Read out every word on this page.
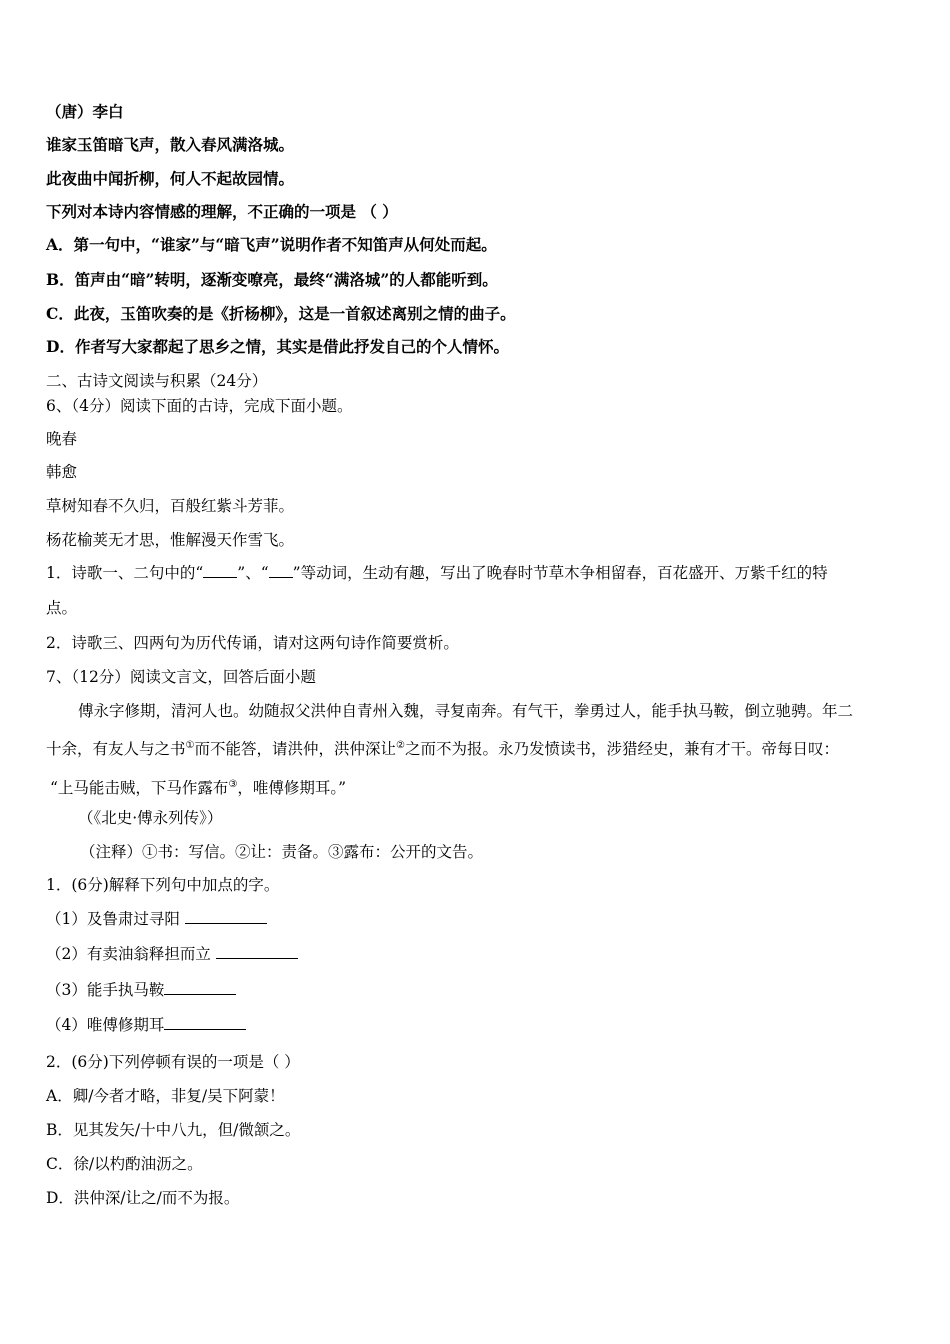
（唐）李白
谁家玉笛暗飞声，散入春风满洛城。
此夜曲中闻折柳，何人不起故园情。
下列对本诗内容情感的理解，不正确的一项是 （ ）
A．第一句中，“谁家”与“暗飞声”说明作者不知笛声从何处而起。
B．笛声由“暗”转明，逐渐变嘹亮，最终“满洛城”的人都能听到。
C．此夜，玉笛吹奏的是《折杨柳》，这是一首叙述离别之情的曲子。
D．作者写大家都起了思乡之情，其实是借此抒发自己的个人情怀。
二、古诗文阅读与积累（24分）
6、（4分）阅读下面的古诗，完成下面小题。
晚春
韩愈
草树知春不久归，百般红紫斗芳菲。
杨花榆荚无才思，惟解漫天作雪飞。
1．诗歌一、二句中的“ ”、“ ”等动词，生动有趣，写出了晚春时节草木争相留春，百花盛开、万紫千红的特
点。
2．诗歌三、四两句为历代传诵，请对这两句诗作简要赏析。
7、（12分）阅读文言文，回答后面小题
傅永字修期，清河人也。幼随叔父洪仲自青州入魏，寻复南奔。有气干，拳勇过人，能手执马鞍，倒立驰骋。年二
十余，有友人与之书①而不能答，请洪仲，洪仲深让②之而不为报。永乃发愤读书，涉猎经史，兼有才干。帝每日叹：
“上马能击贼，下马作露布③，唯傅修期耳。”
（《北史·傅永列传》）
（注释）①书：写信。②让：责备。③露布：公开的文告。
1．(6分)解释下列句中加点的字。
（1）及鲁肃过寻阳
（2）有卖油翁释担而立
（3）能手执马鞍
（4）唯傅修期耳
2．(6分)下列停顿有误的一项是（ ）
A．卿/今者才略，非复/吴下阿蒙！
B．见其发矢/十中八九，但/微颔之。
C．徐/以杓酌油沥之。
D．洪仲深/让之/而不为报。
